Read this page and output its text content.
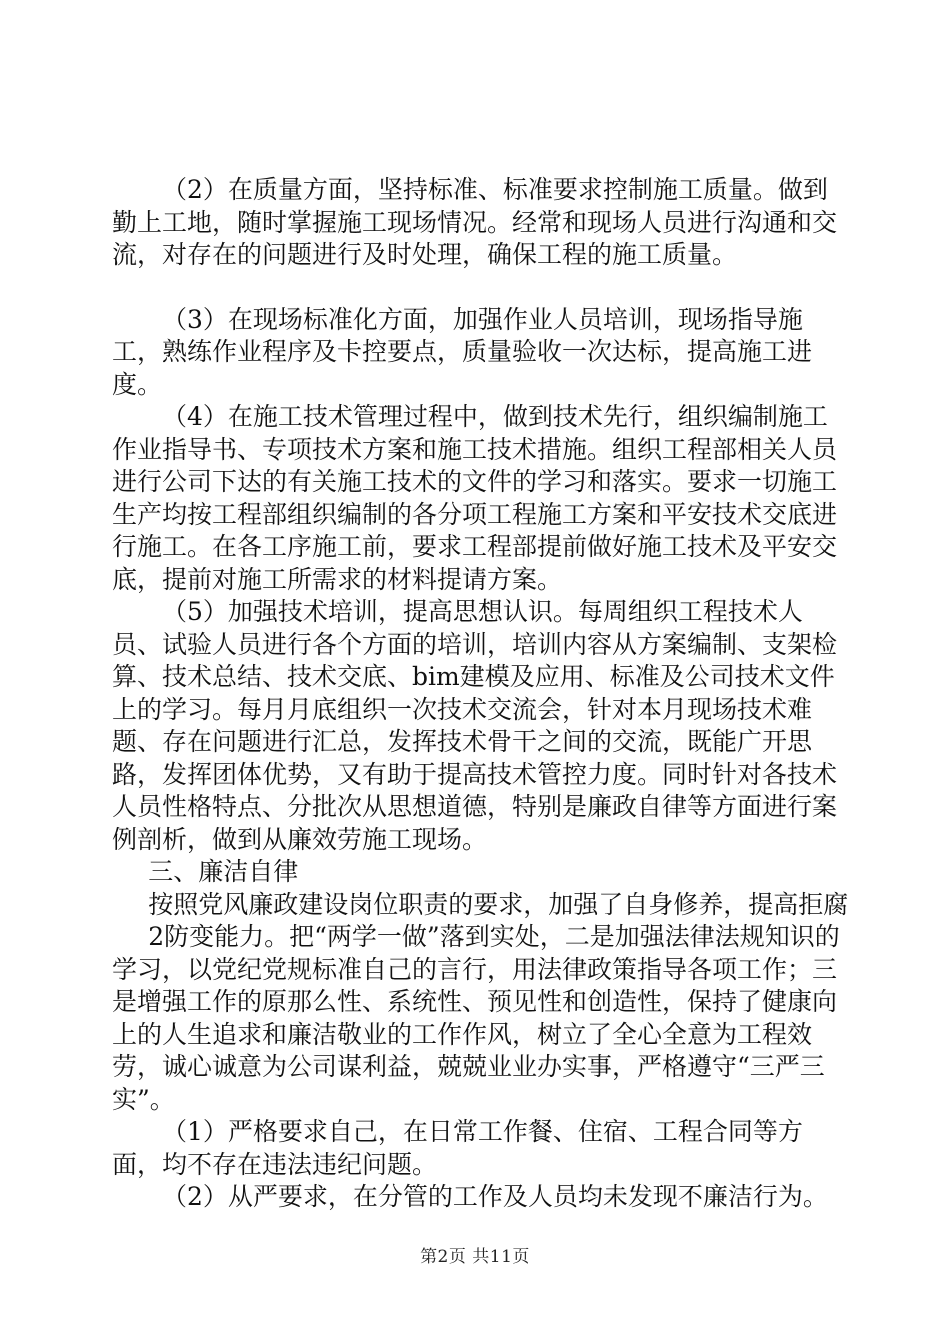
（2）在质量方面，坚持标准、标准要求控制施工质量。做到勤上工地，随时掌握施工现场情况。经常和现场人员进行沟通和交流，对存在的问题进行及时处理，确保工程的施工质量。

（3）在现场标准化方面，加强作业人员培训，现场指导施工，熟练作业程序及卡控要点，质量验收一次达标，提高施工进度。

（4）在施工技术管理过程中，做到技术先行，组织编制施工作业指导书、专项技术方案和施工技术措施。组织工程部相关人员进行公司下达的有关施工技术的文件的学习和落实。要求一切施工生产均按工程部组织编制的各分项工程施工方案和平安技术交底进行施工。在各工序施工前，要求工程部提前做好施工技术及平安交底，提前对施工所需求的材料提请方案。

（5）加强技术培训，提高思想认识。每周组织工程技术人员、试验人员进行各个方面的培训，培训内容从方案编制、支架检算、技术总结、技术交底、bim建模及应用、标准及公司技术文件上的学习。每月月底组织一次技术交流会，针对本月现场技术难题、存在问题进行汇总，发挥技术骨干之间的交流，既能广开思路，发挥团体优势，又有助于提高技术管控力度。同时针对各技术人员性格特点、分批次从思想道德，特别是廉政自律等方面进行案例剖析，做到从廉效劳施工现场。

三、廉洁自律

按照党风廉政建设岗位职责的要求，加强了自身修养，提高拒腐

2防变能力。把“两学一做”落到实处，二是加强法律法规知识的学习，以党纪党规标准自己的言行，用法律政策指导各项工作；三是增强工作的原那么性、系统性、预见性和创造性，保持了健康向上的人生追求和廉洁敬业的工作作风，树立了全心全意为工程效劳，诚心诚意为公司谋利益，兢兢业业办实事，严格遵守“三严三实”。

（1）严格要求自己，在日常工作餐、住宿、工程合同等方面，均不存在违法违纪问题。

（2）从严要求，在分管的工作及人员均未发现不廉洁行为。

第2页 共11页
